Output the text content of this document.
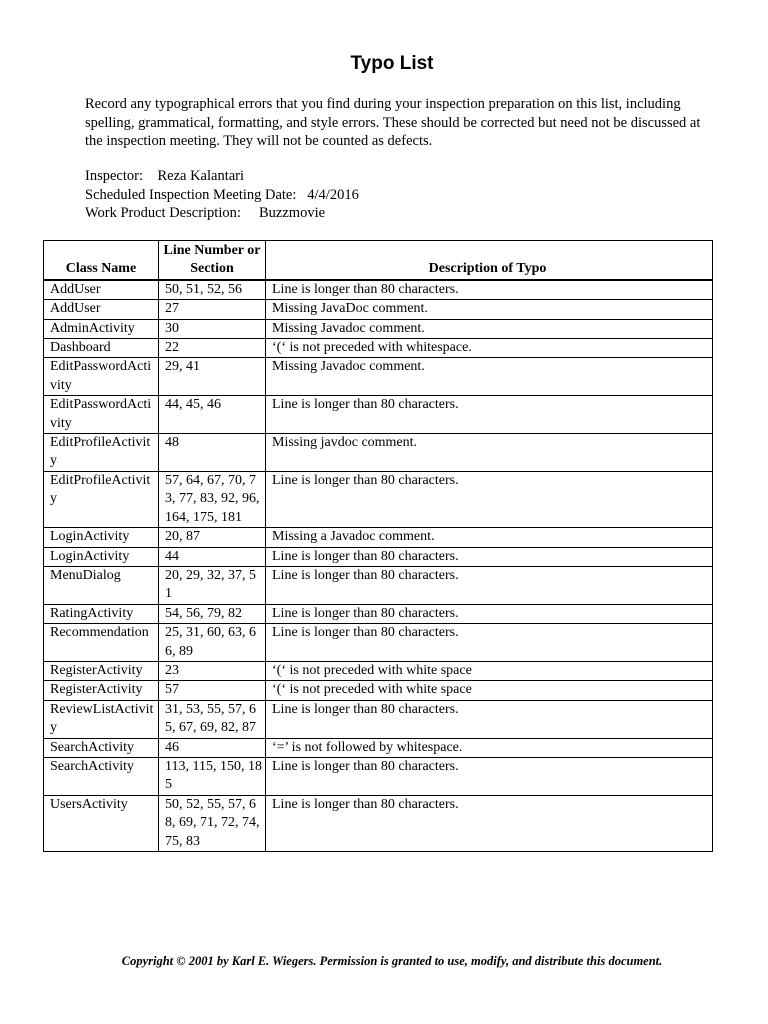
Typo List
Record any typographical errors that you find during your inspection preparation on this list, including spelling, grammatical, formatting, and style errors. These should be corrected but need not be discussed at the inspection meeting. They will not be counted as defects.
Inspector: Reza Kalantari
Scheduled Inspection Meeting Date: 4/4/2016
Work Product Description: Buzzmovie
Class Name	Line Number or Section	Description of Typo
AddUser	50, 51, 52, 56	Line is longer than 80 characters.
AddUser	27	Missing JavaDoc comment.
AdminActivity	30	Missing Javadoc comment.
Dashboard	22	‘(‘ is not preceded with whitespace.
EditPasswordActivity	29, 41	Missing Javadoc comment.
EditPasswordActivity	44, 45, 46	Line is longer than 80 characters.
EditProfileActivity	48	Missing javdoc comment.
EditProfileActivity	57, 64, 67, 70, 73, 77, 83, 92, 96, 164, 175, 181	Line is longer than 80 characters.
LoginActivity	20, 87	Missing a Javadoc comment.
LoginActivity	44	Line is longer than 80 characters.
MenuDialog	20, 29, 32, 37, 51	Line is longer than 80 characters.
RatingActivity	54, 56, 79, 82	Line is longer than 80 characters.
Recommendation	25, 31, 60, 63, 66, 89	Line is longer than 80 characters.
RegisterActivity	23	‘(‘ is not preceded with white space
RegisterActivity	57	‘(‘ is not preceded with white space
ReviewListActivity	31, 53, 55, 57, 65, 67, 69, 82, 87	Line is longer than 80 characters.
SearchActivity	46	‘=’ is not followed by whitespace.
SearchActivity	113, 115, 150, 185	Line is longer than 80 characters.
UsersActivity	50, 52, 55, 57, 68, 69, 71, 72, 74, 75, 83	Line is longer than 80 characters.
Copyright © 2001 by Karl E. Wiegers. Permission is granted to use, modify, and distribute this document.
